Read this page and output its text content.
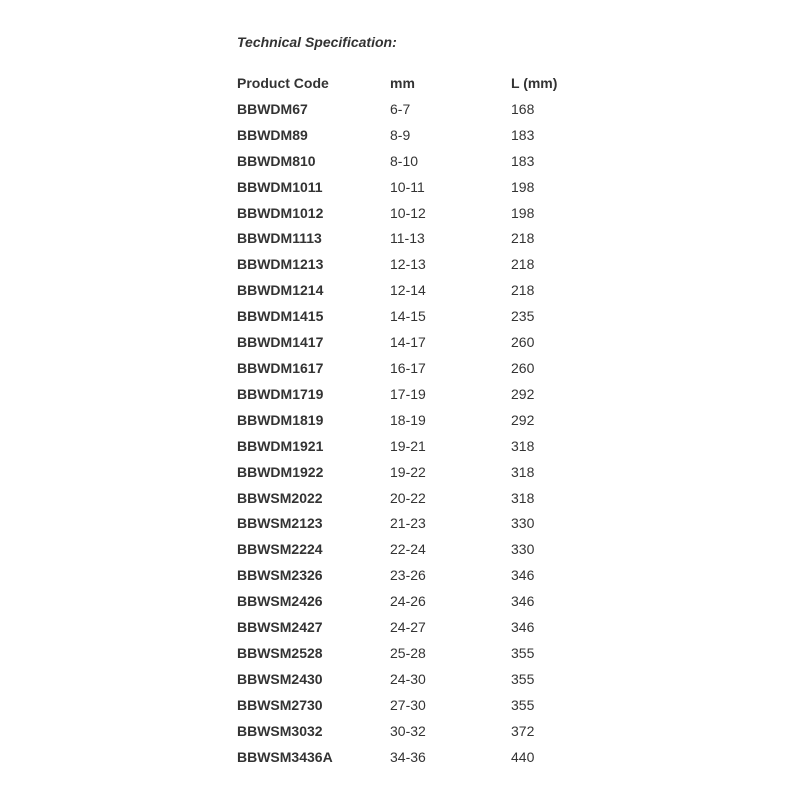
Technical Specification:

Product Code	mm	L (mm)
BBWDM67	6-7	168
BBWDM89	8-9	183
BBWDM810	8-10	183
BBWDM1011	10-11	198
BBWDM1012	10-12	198
BBWDM1113	11-13	218
BBWDM1213	12-13	218
BBWDM1214	12-14	218
BBWDM1415	14-15	235
BBWDM1417	14-17	260
BBWDM1617	16-17	260
BBWDM1719	17-19	292
BBWDM1819	18-19	292
BBWDM1921	19-21	318
BBWDM1922	19-22	318
BBWSM2022	20-22	318
BBWSM2123	21-23	330
BBWSM2224	22-24	330
BBWSM2326	23-26	346
BBWSM2426	24-26	346
BBWSM2427	24-27	346
BBWSM2528	25-28	355
BBWSM2430	24-30	355
BBWSM2730	27-30	355
BBWSM3032	30-32	372
BBWSM3436A	34-36	440
